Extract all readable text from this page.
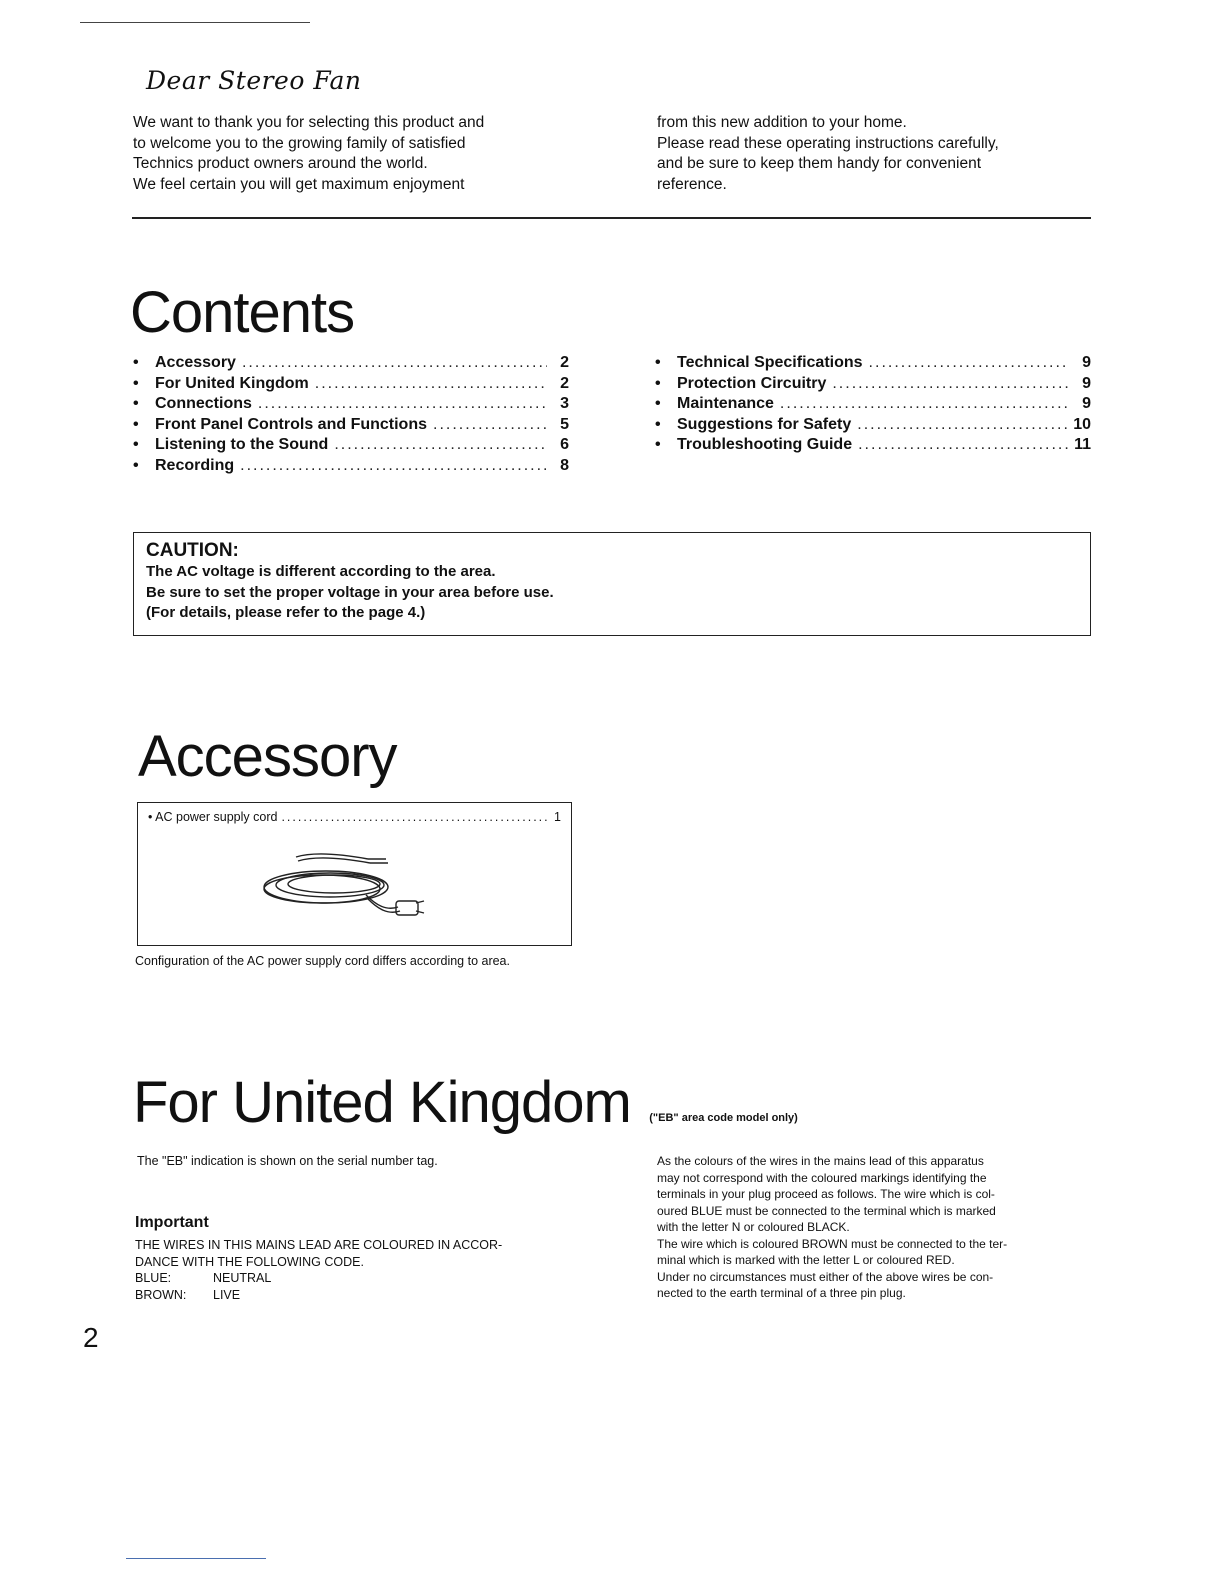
Dear Stereo Fan

We want to thank you for selecting this product and

to welcome you to the growing family of satisfied

Technics product owners around the world.

We feel certain you will get maximum enjoyment

from this new addition to your home.

Please read these operating instructions carefully,

and be sure to keep them handy for convenient

reference.

Contents
•	Accessory .....	2
•	For United Kingdom .....	2
•	Connections .....	3
•	Front Panel Controls and Functions .....	5
•	Listening to the Sound .....	6
•	Recording .....	8
•	Technical Specifications .....	9
•	Protection Circuitry .....	9
•	Maintenance .....	9
•	Suggestions for Safety .....	10
•	Troubleshooting Guide .....	11
CAUTION:

The AC voltage is different according to the area.

Be sure to set the proper voltage in your area before use.

(For details, please refer to the page 4.)

Accessory
• AC power supply cord .....	1
Configuration of the AC power supply cord differs according to area.
For United Kingdom ("EB" area code model only)
The "EB" indication is shown on the serial number tag.
Important

THE WIRES IN THIS MAINS LEAD ARE COLOURED IN ACCOR-

DANCE WITH THE FOLLOWING CODE.

BLUE:	NEUTRAL

BROWN: LIVE

As the colours of the wires in the mains lead of this apparatus

may not correspond with the coloured markings identifying the

terminals in your plug proceed as follows. The wire which is col-

oured BLUE must be connected to the terminal which is marked

with the letter N or coloured BLACK.

The wire which is coloured BROWN must be connected to the ter-

minal which is marked with the letter L or coloured RED.

Under no circumstances must either of the above wires be con-

nected to the earth terminal of a three pin plug.

2
